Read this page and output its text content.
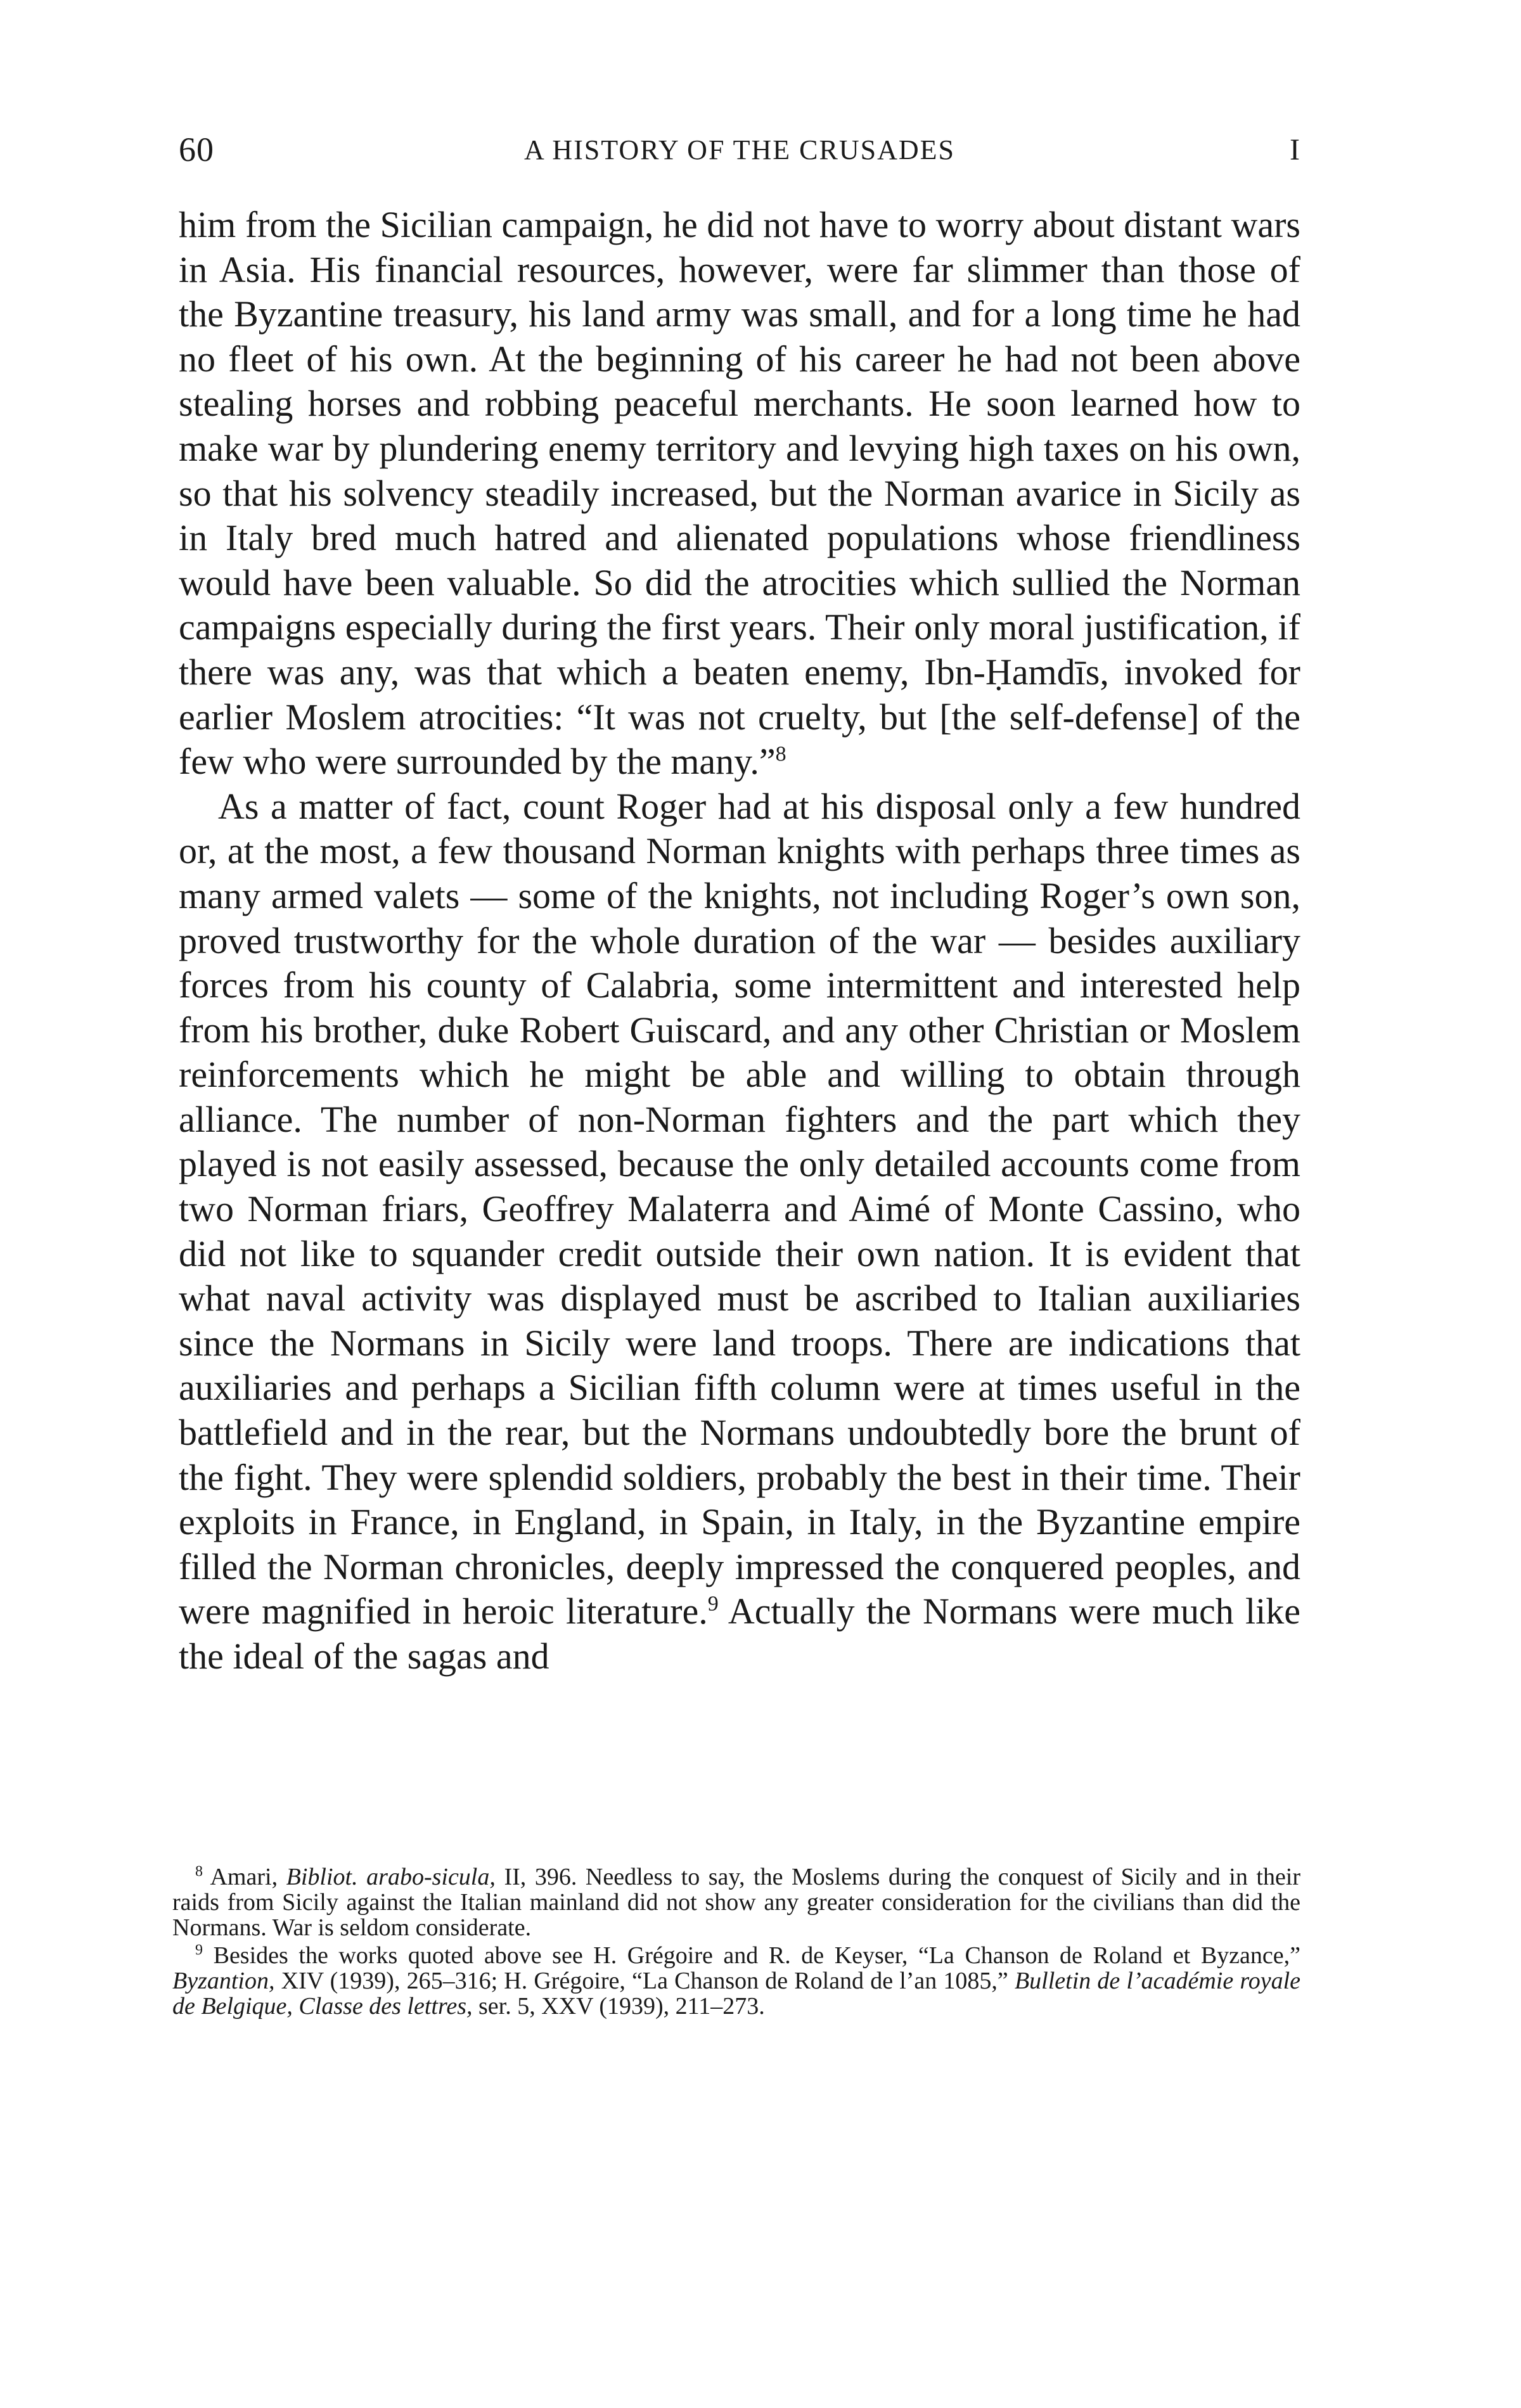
60	A HISTORY OF THE CRUSADES	I

him from the Sicilian campaign, he did not have to worry about distant wars in Asia. His financial resources, however, were far slimmer than those of the Byzantine treasury, his land army was small, and for a long time he had no fleet of his own. At the beginning of his career he had not been above stealing horses and robbing peaceful merchants. He soon learned how to make war by plundering enemy territory and levying high taxes on his own, so that his solvency steadily increased, but the Norman avarice in Sicily as in Italy bred much hatred and alienated populations whose friendliness would have been valuable. So did the atrocities which sullied the Norman campaigns especially during the first years. Their only moral justification, if there was any, was that which a beaten enemy, Ibn-Ḥamdīs, invoked for earlier Moslem atrocities: “It was not cruelty, but [the self-defense] of the few who were surrounded by the many.”$^8$

As a matter of fact, count Roger had at his disposal only a few hundred or, at the most, a few thousand Norman knights with perhaps three times as many armed valets — some of the knights, not including Roger’s own son, proved trustworthy for the whole duration of the war — besides auxiliary forces from his county of Calabria, some intermittent and interested help from his brother, duke Robert Guiscard, and any other Christian or Moslem reinforcements which he might be able and willing to obtain through alliance. The number of non-Norman fighters and the part which they played is not easily assessed, because the only detailed accounts come from two Norman friars, Geoffrey Malaterra and Aimé of Monte Cassino, who did not like to squander credit outside their own nation. It is evident that what naval activity was displayed must be ascribed to Italian auxiliaries since the Normans in Sicily were land troops. There are indications that auxiliaries and perhaps a Sicilian fifth column were at times useful in the battlefield and in the rear, but the Normans undoubtedly bore the brunt of the fight. They were splendid soldiers, probably the best in their time. Their exploits in France, in England, in Spain, in Italy, in the Byzantine empire filled the Norman chronicles, deeply impressed the conquered peoples, and were magnified in heroic literature.$^9$ Actually the Normans were much like the ideal of the sagas and

$^8$ Amari, Bibliot. arabo-sicula, II, 396. Needless to say, the Moslems during the conquest of Sicily and in their raids from Sicily against the Italian mainland did not show any greater consideration for the civilians than did the Normans. War is seldom considerate.

$^9$ Besides the works quoted above see H. Grégoire and R. de Keyser, “La Chanson de Roland et Byzance,” Byzantion, XIV (1939), 265–316; H. Grégoire, “La Chanson de Roland de l’an 1085,” Bulletin de l’académie royale de Belgique, Classe des lettres, ser. 5, XXV (1939), 211–273.
